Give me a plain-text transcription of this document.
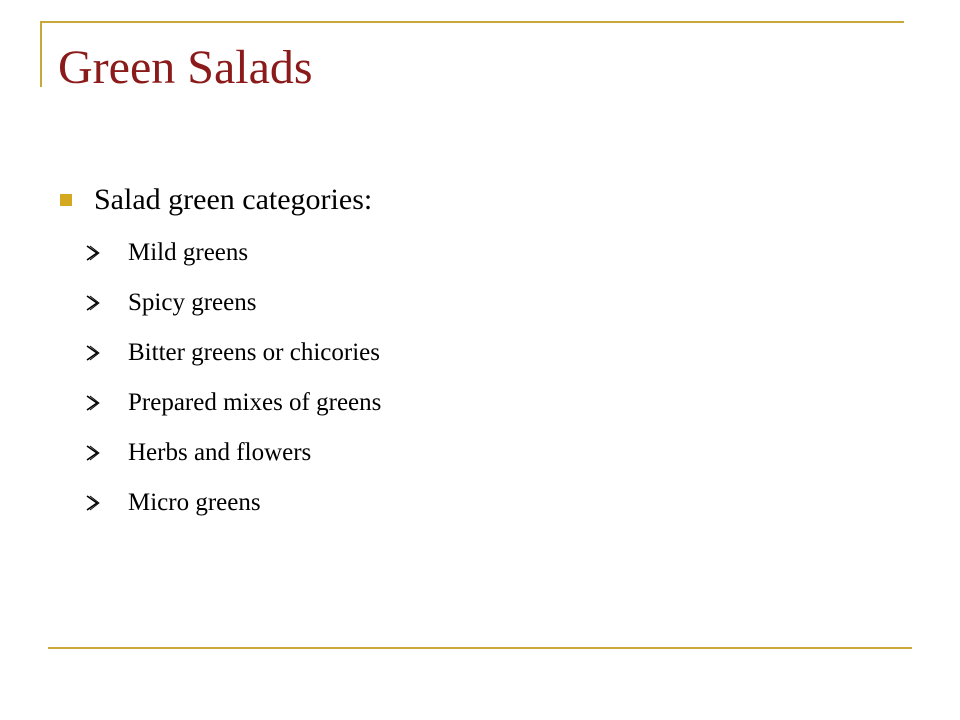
Green Salads
Salad green categories:
Mild greens
Spicy greens
Bitter greens or chicories
Prepared mixes of greens
Herbs and flowers
Micro greens
